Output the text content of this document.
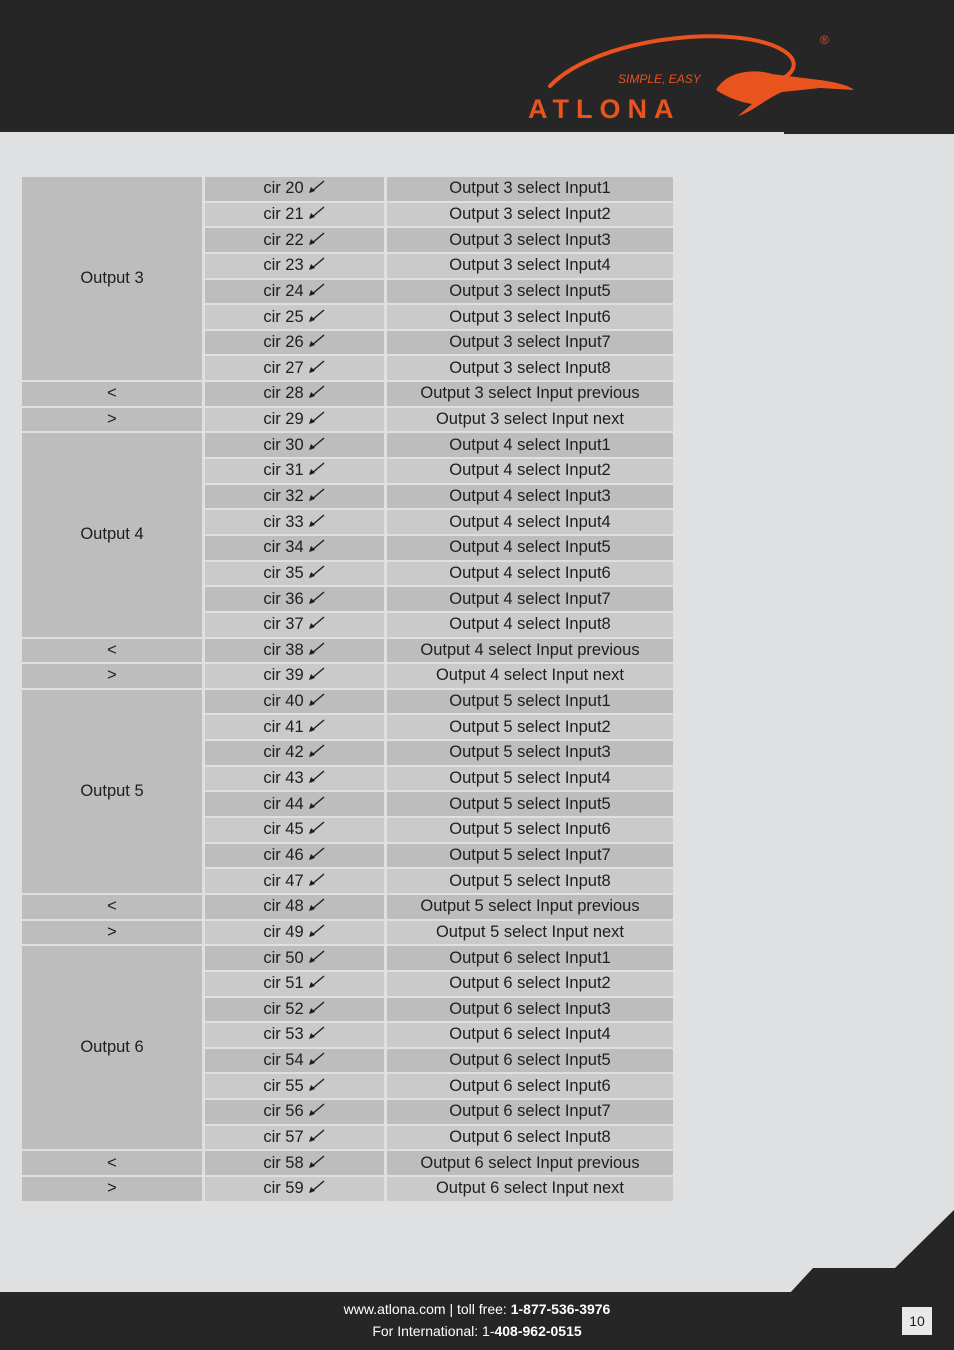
SIMPLE, EASY
ATLONA
®
Output 3	cir 20	Output 3 select Input1
	cir 21	Output 3 select Input2
	cir 22	Output 3 select Input3
	cir 23	Output 3 select Input4
	cir 24	Output 3 select Input5
	cir 25	Output 3 select Input6
	cir 26	Output 3 select Input7
	cir 27	Output 3 select Input8
<	cir 28	Output 3 select Input previous
>	cir 29	Output 3 select Input next
Output 4	cir 30	Output 4 select Input1
	cir 31	Output 4 select Input2
	cir 32	Output 4 select Input3
	cir 33	Output 4 select Input4
	cir 34	Output 4 select Input5
	cir 35	Output 4 select Input6
	cir 36	Output 4 select Input7
	cir 37	Output 4 select Input8
<	cir 38	Output 4 select Input previous
>	cir 39	Output 4 select Input next
Output 5	cir 40	Output 5 select Input1
	cir 41	Output 5 select Input2
	cir 42	Output 5 select Input3
	cir 43	Output 5 select Input4
	cir 44	Output 5 select Input5
	cir 45	Output 5 select Input6
	cir 46	Output 5 select Input7
	cir 47	Output 5 select Input8
<	cir 48	Output 5 select Input previous
>	cir 49	Output 5 select Input next
Output 6	cir 50	Output 6 select Input1
	cir 51	Output 6 select Input2
	cir 52	Output 6 select Input3
	cir 53	Output 6 select Input4
	cir 54	Output 6 select Input5
	cir 55	Output 6 select Input6
	cir 56	Output 6 select Input7
	cir 57	Output 6 select Input8
<	cir 58	Output 6 select Input previous
>	cir 59	Output 6 select Input next
www.atlona.com | toll free: 1-877-536-3976
For International: 1-408-962-0515
10
